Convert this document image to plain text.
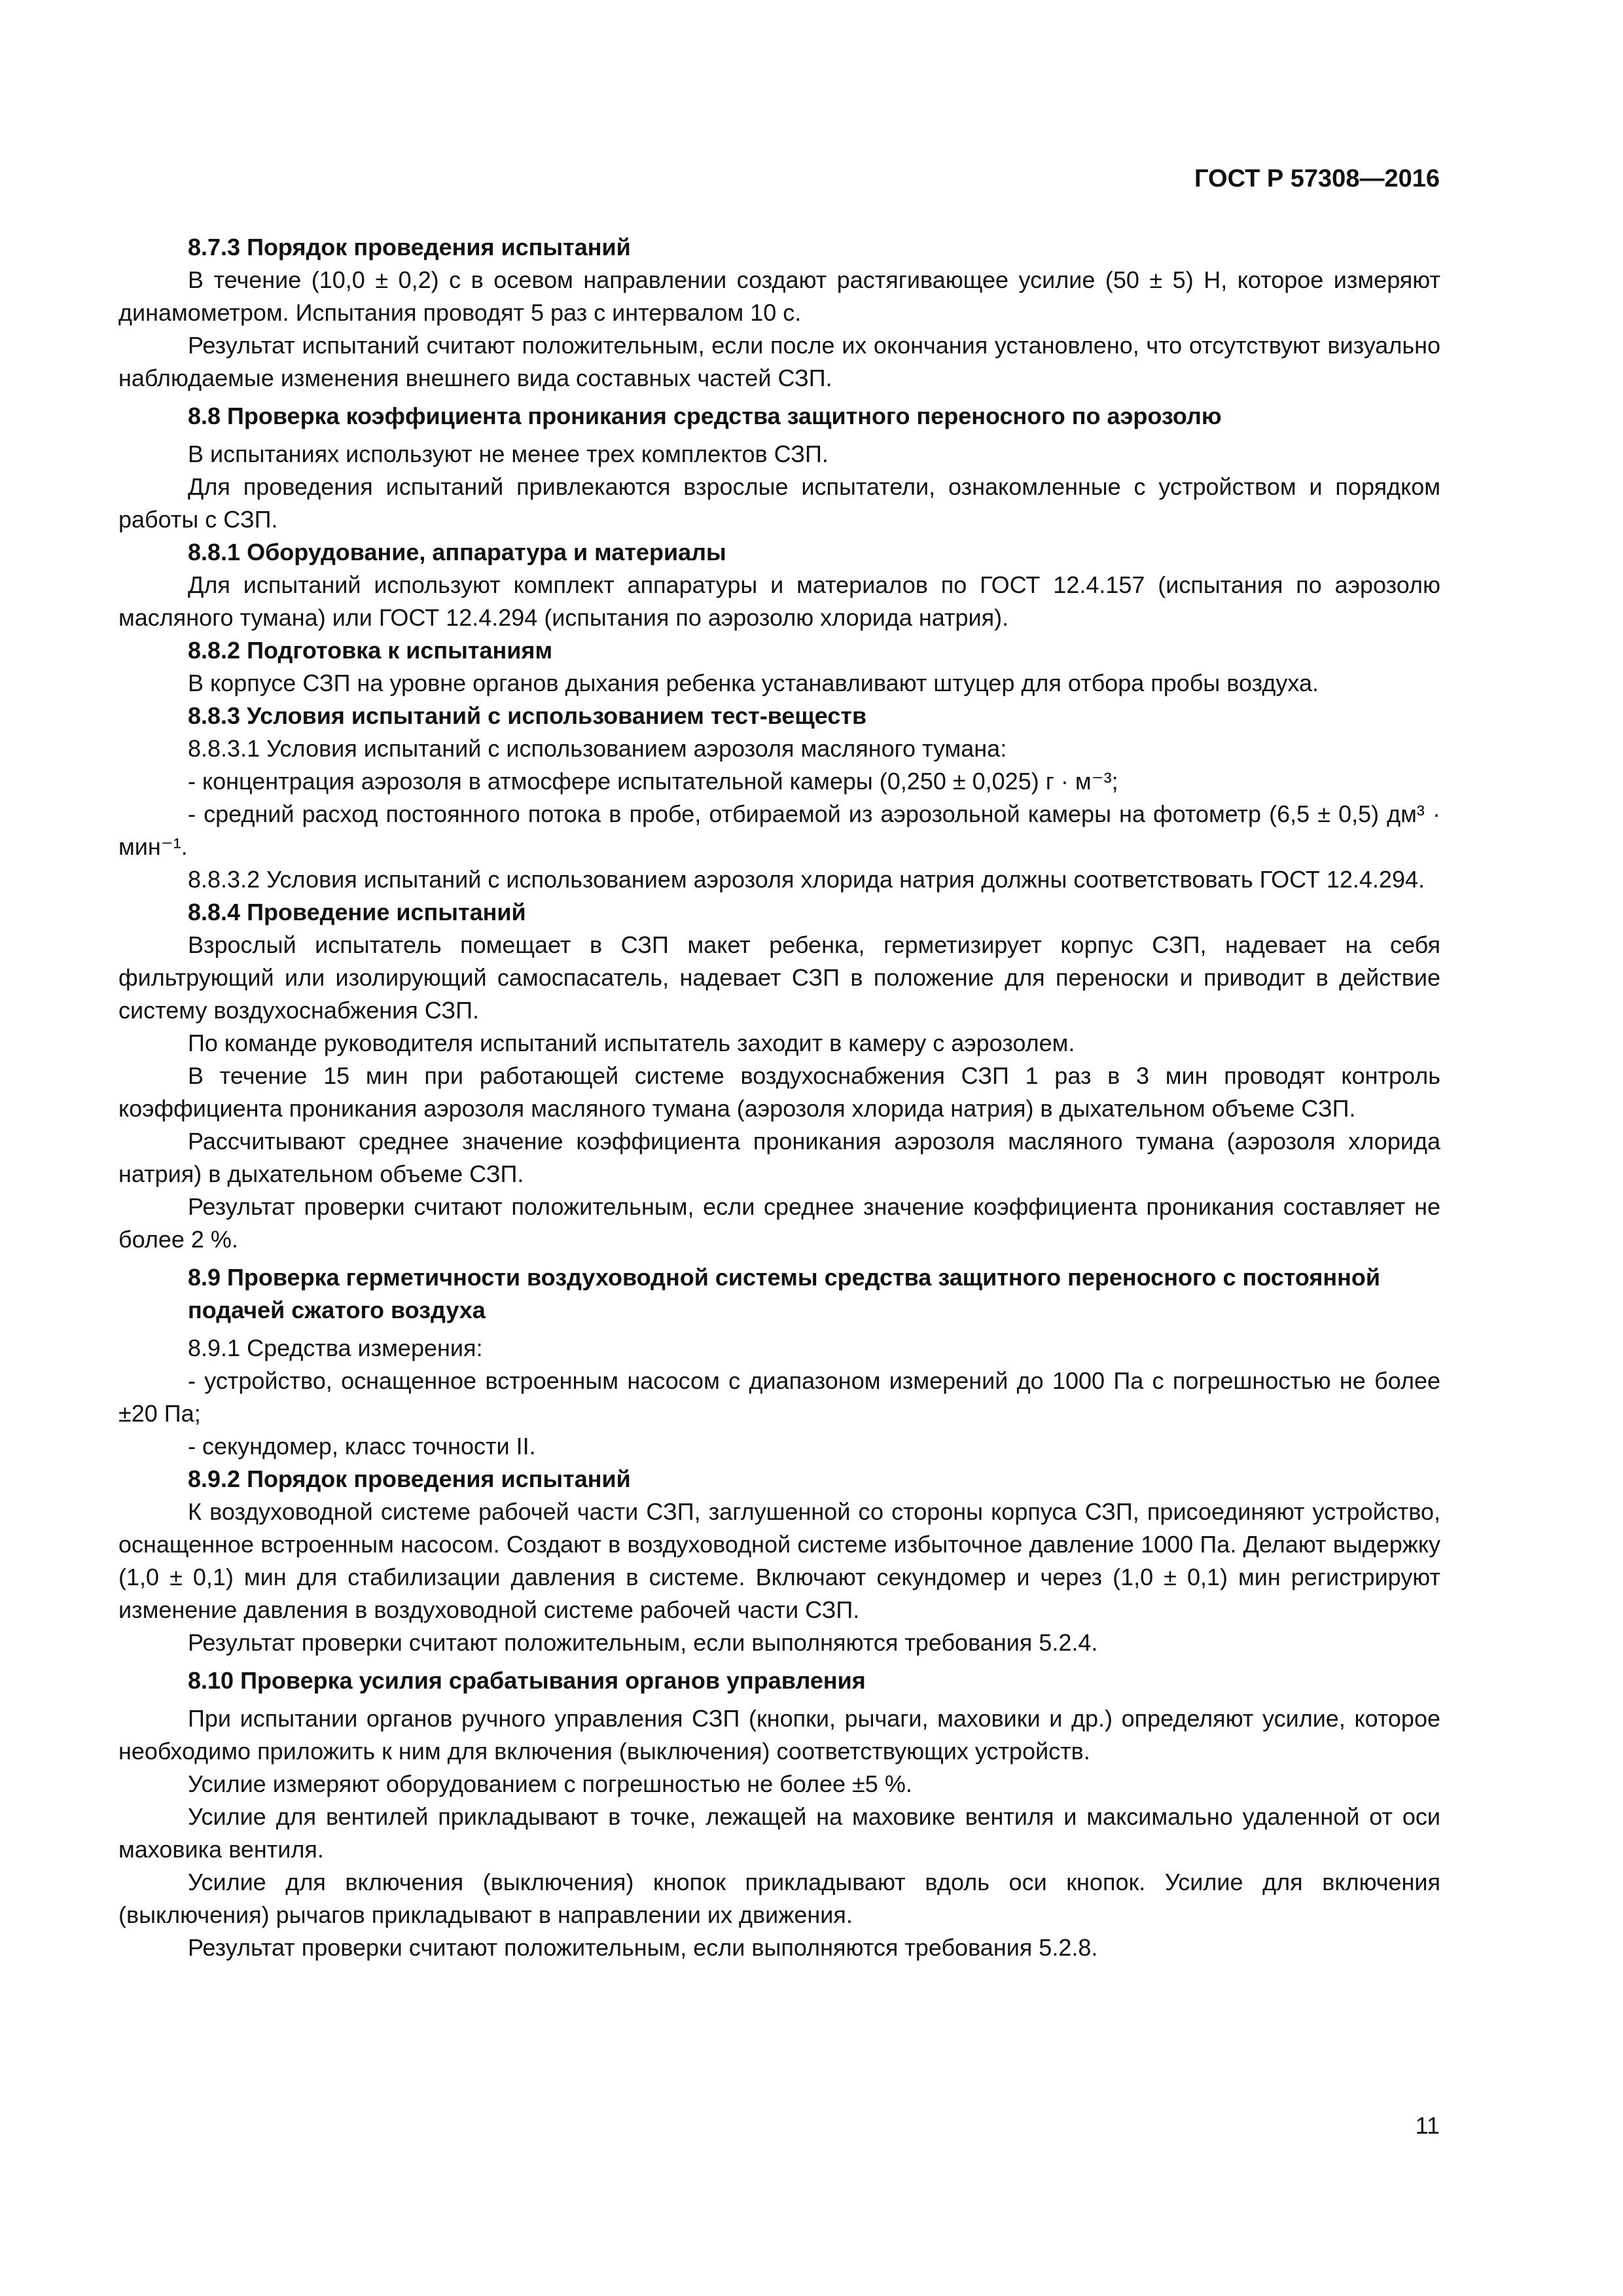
ГОСТ Р 57308—2016
8.7.3 Порядок проведения испытаний
В течение (10,0 ± 0,2) с в осевом направлении создают растягивающее усилие (50 ± 5) Н, которое измеряют динамометром. Испытания проводят 5 раз с интервалом 10 с.
Результат испытаний считают положительным, если после их окончания установлено, что отсутствуют визуально наблюдаемые изменения внешнего вида составных частей СЗП.
8.8 Проверка коэффициента проникания средства защитного переносного по аэрозолю
В испытаниях используют не менее трех комплектов СЗП.
Для проведения испытаний привлекаются взрослые испытатели, ознакомленные с устройством и порядком работы с СЗП.
8.8.1 Оборудование, аппаратура и материалы
Для испытаний используют комплект аппаратуры и материалов по ГОСТ 12.4.157 (испытания по аэрозолю масляного тумана) или ГОСТ 12.4.294 (испытания по аэрозолю хлорида натрия).
8.8.2 Подготовка к испытаниям
В корпусе СЗП на уровне органов дыхания ребенка устанавливают штуцер для отбора пробы воздуха.
8.8.3 Условия испытаний с использованием тест-веществ
8.8.3.1 Условия испытаний с использованием аэрозоля масляного тумана:
- концентрация аэрозоля в атмосфере испытательной камеры (0,250 ± 0,025) г · м⁻³;
- средний расход постоянного потока в пробе, отбираемой из аэрозольной камеры на фотометр (6,5 ± 0,5) дм³ · мин⁻¹.
8.8.3.2 Условия испытаний с использованием аэрозоля хлорида натрия должны соответствовать ГОСТ 12.4.294.
8.8.4 Проведение испытаний
Взрослый испытатель помещает в СЗП макет ребенка, герметизирует корпус СЗП, надевает на себя фильтрующий или изолирующий самоспасатель, надевает СЗП в положение для переноски и приводит в действие систему воздухоснабжения СЗП.
По команде руководителя испытаний испытатель заходит в камеру с аэрозолем.
В течение 15 мин при работающей системе воздухоснабжения СЗП 1 раз в 3 мин проводят контроль коэффициента проникания аэрозоля масляного тумана (аэрозоля хлорида натрия) в дыхательном объеме СЗП.
Рассчитывают среднее значение коэффициента проникания аэрозоля масляного тумана (аэрозоля хлорида натрия) в дыхательном объеме СЗП.
Результат проверки считают положительным, если среднее значение коэффициента проникания составляет не более 2 %.
8.9 Проверка герметичности воздуховодной системы средства защитного переносного с постоянной подачей сжатого воздуха
8.9.1 Средства измерения:
- устройство, оснащенное встроенным насосом с диапазоном измерений до 1000 Па с погрешностью не более ±20 Па;
- секундомер, класс точности II.
8.9.2 Порядок проведения испытаний
К воздуховодной системе рабочей части СЗП, заглушенной со стороны корпуса СЗП, присоединяют устройство, оснащенное встроенным насосом. Создают в воздуховодной системе избыточное давление 1000 Па. Делают выдержку (1,0 ± 0,1) мин для стабилизации давления в системе. Включают секундомер и через (1,0 ± 0,1) мин регистрируют изменение давления в воздуховодной системе рабочей части СЗП.
Результат проверки считают положительным, если выполняются требования 5.2.4.
8.10 Проверка усилия срабатывания органов управления
При испытании органов ручного управления СЗП (кнопки, рычаги, маховики и др.) определяют усилие, которое необходимо приложить к ним для включения (выключения) соответствующих устройств.
Усилие измеряют оборудованием с погрешностью не более ±5 %.
Усилие для вентилей прикладывают в точке, лежащей на маховике вентиля и максимально удаленной от оси маховика вентиля.
Усилие для включения (выключения) кнопок прикладывают вдоль оси кнопок. Усилие для включения (выключения) рычагов прикладывают в направлении их движения.
Результат проверки считают положительным, если выполняются требования 5.2.8.
11
